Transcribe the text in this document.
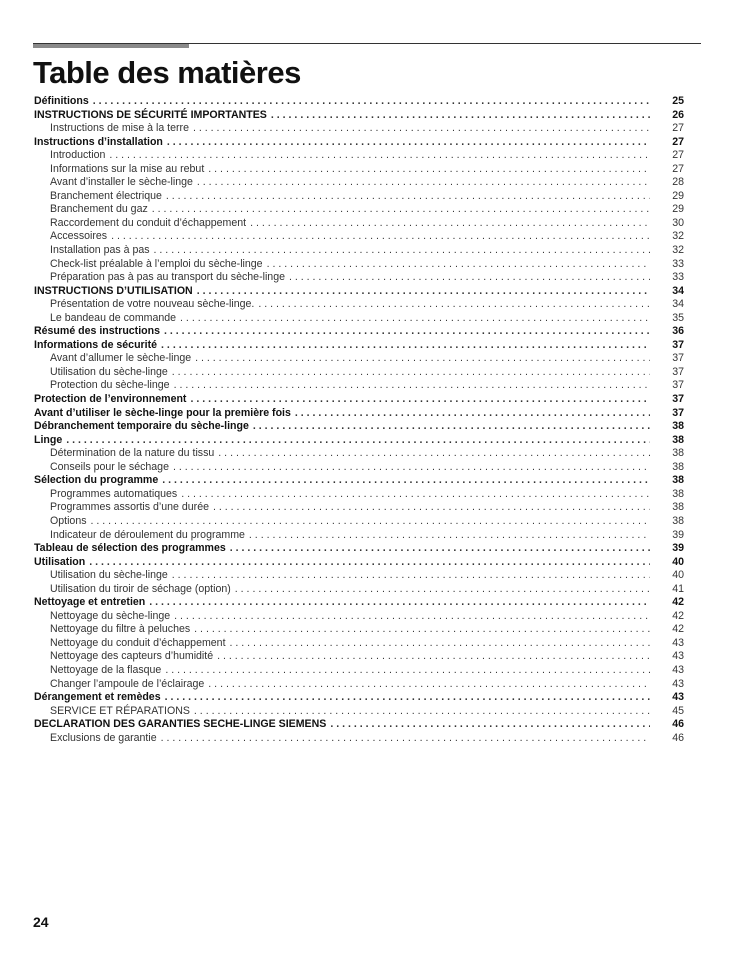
Table des matières
Définitions . . .	25
INSTRUCTIONS DE SÉCURITÉ IMPORTANTES . . .	26
Instructions de mise à la terre . . .	27
Instructions d’installation . . .	27
Introduction . . .	27
Informations sur la mise au rebut . . .	27
Avant d’installer le sèche-linge . . .	28
Branchement électrique . . .	29
Branchement du gaz . . .	29
Raccordement du conduit d’échappement . . .	30
Accessoires . . .	32
Installation pas à pas . . .	32
Check-list préalable à l’emploi du sèche-linge . . .	33
Préparation pas à pas au transport du sèche-linge . . .	33
INSTRUCTIONS D’UTILISATION . . .	34
Présentation de votre nouveau sèche-linge. . . .	34
Le bandeau de commande . . .	35
Résumé des instructions . . .	36
Informations de sécurité . . .	37
Avant d’allumer le sèche-linge . . .	37
Utilisation du sèche-linge . . .	37
Protection du sèche-linge . . .	37
Protection de l’environnement . . .	37
Avant d’utiliser le sèche-linge pour la première fois . . .	37
Débranchement temporaire du sèche-linge . . .	38
Linge . . .	38
Détermination de la nature du tissu . . .	38
Conseils pour le séchage . . .	38
Sélection du programme . . .	38
Programmes automatiques . . .	38
Programmes assortis d’une durée . . .	38
Options . . .	38
Indicateur de déroulement du programme . . .	39
Tableau de sélection des programmes . . .	39
Utilisation . . .	40
Utilisation du sèche-linge . . .	40
Utilisation du tiroir de séchage (option) . . .	41
Nettoyage et entretien . . .	42
Nettoyage du sèche-linge . . .	42
Nettoyage du filtre à peluches . . .	42
Nettoyage du conduit d’échappement . . .	43
Nettoyage des capteurs d’humidité . . .	43
Nettoyage de la flasque . . .	43
Changer l’ampoule de l’éclairage . . .	43
Dérangement et remèdes . . .	43
SERVICE ET RÉPARATIONS . . .	45
DECLARATION DES GARANTIES SECHE-LINGE SIEMENS . . .	46
Exclusions de garantie . . .	46
24
